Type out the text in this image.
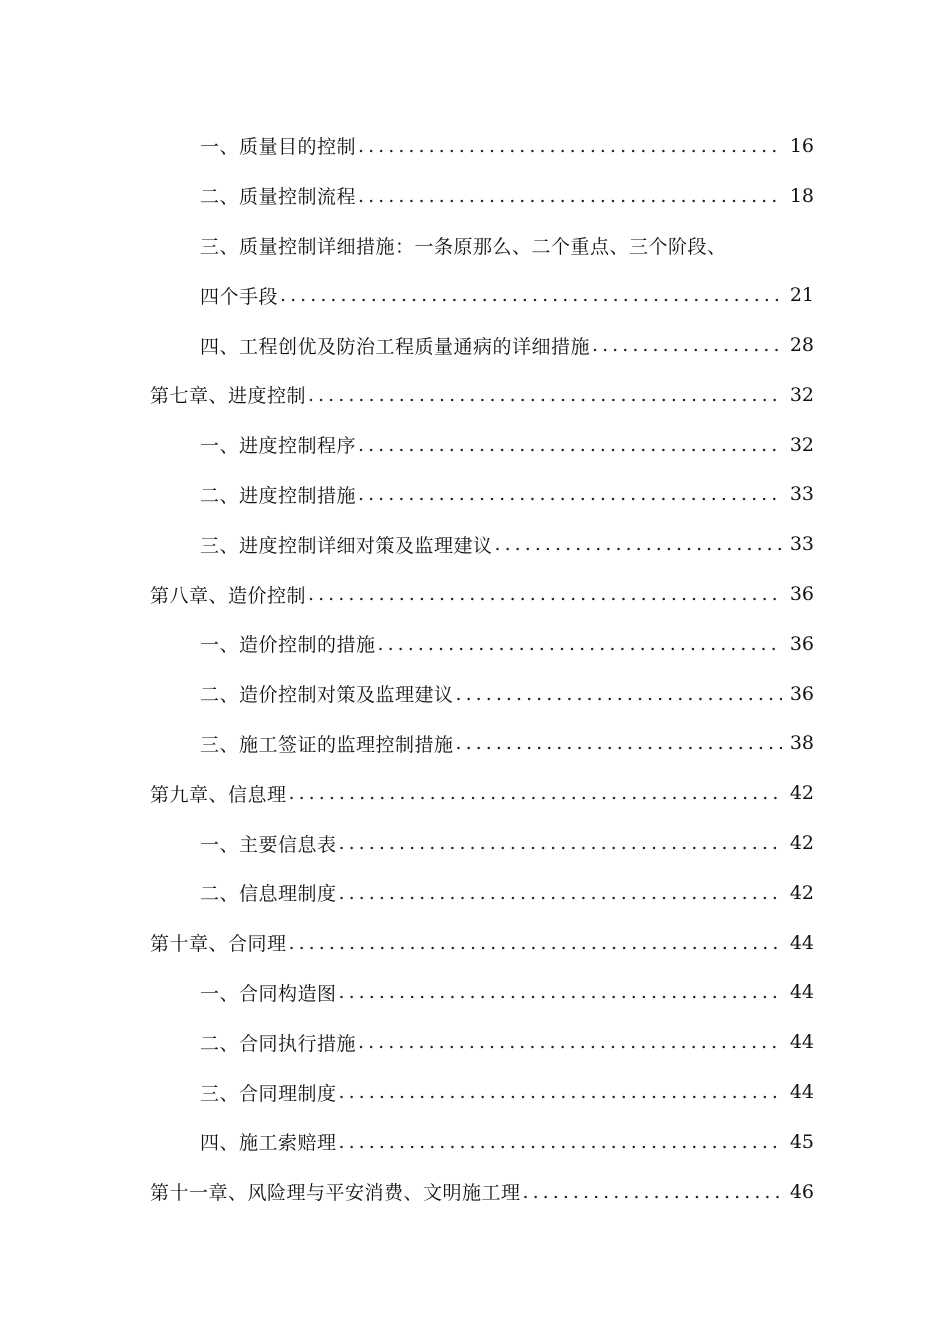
一、质量目的控制 . . .	16
二、质量控制流程 . . .	18
三、质量控制详细措施：一条原那么、二个重点、三个阶段、
四个手段 . . .	21
四、工程创优及防治工程质量通病的详细措施 . . .	28
第七章、进度控制 . . .	32
一、进度控制程序 . . .	32
二、进度控制措施 . . .	33
三、进度控制详细对策及监理建议 . . .	33
第八章、造价控制 . . .	36
一、造价控制的措施 . . .	36
二、造价控制对策及监理建议 . . .	36
三、施工签证的监理控制措施 . . .	38
第九章、信息理 . . .	42
一、主要信息表 . . .	42
二、信息理制度 . . .	42
第十章、合同理 . . .	44
一、合同构造图 . . .	44
二、合同执行措施 . . .	44
三、合同理制度 . . .	44
四、施工索赔理 . . .	45
第十一章、风险理与平安消费、文明施工理 . . .	46
